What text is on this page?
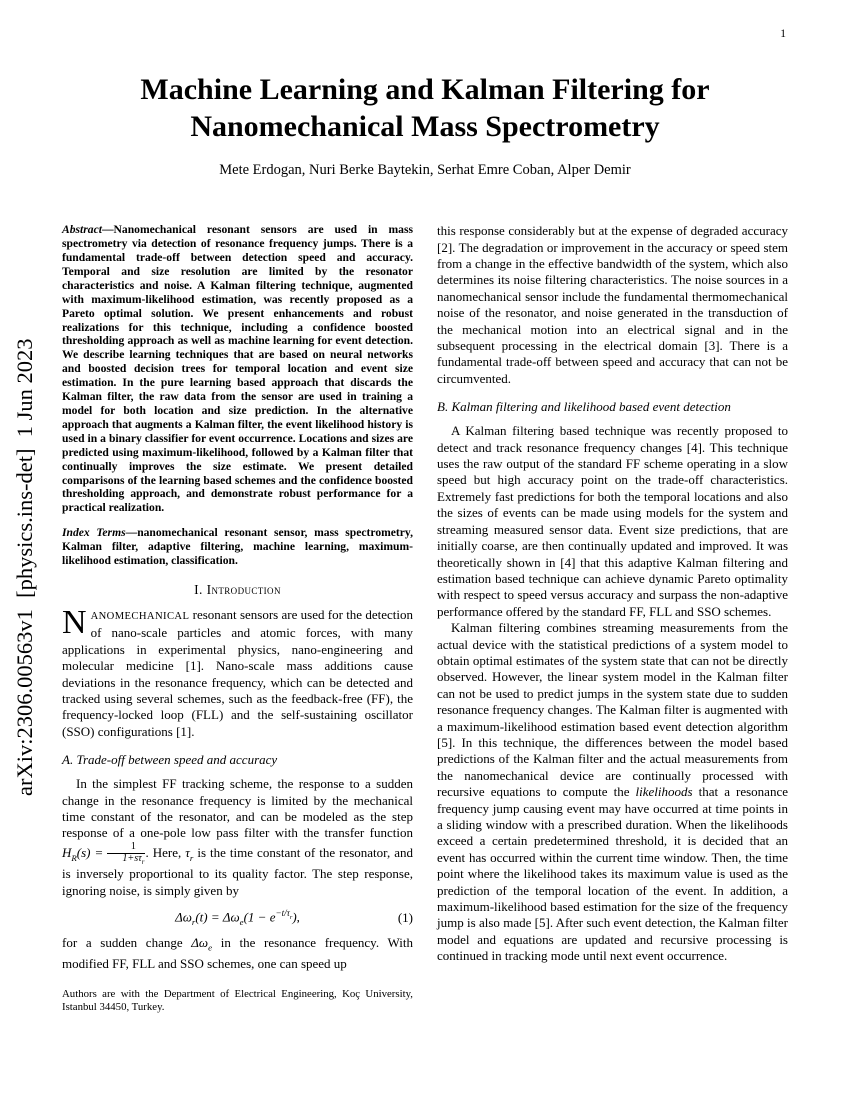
1
arXiv:2306.00563v1  [physics.ins-det]  1 Jun 2023
Machine Learning and Kalman Filtering for
Nanomechanical Mass Spectrometry
Mete Erdogan, Nuri Berke Baytekin, Serhat Emre Coban, Alper Demir

Abstract—Nanomechanical resonant sensors are used in mass spectrometry via detection of resonance frequency jumps. There is a fundamental trade-off between detection speed and accuracy. Temporal and size resolution are limited by the resonator characteristics and noise. A Kalman filtering technique, augmented with maximum-likelihood estimation, was recently proposed as a Pareto optimal solution. We present enhancements and robust realizations for this technique, including a confidence boosted thresholding approach as well as machine learning for event detection. We describe learning techniques that are based on neural networks and boosted decision trees for temporal location and event size estimation. In the pure learning based approach that discards the Kalman filter, the raw data from the sensor are used in training a model for both location and size prediction. In the alternative approach that augments a Kalman filter, the event likelihood history is used in a binary classifier for event occurrence. Locations and sizes are predicted using maximum-likelihood, followed by a Kalman filter that continually improves the size estimate. We present detailed comparisons of the learning based schemes and the confidence boosted thresholding approach, and demonstrate robust performance for a practical realization.

Index Terms—nanomechanical resonant sensor, mass spectrometry, Kalman filter, adaptive filtering, machine learning, maximum-likelihood estimation, classification.

I. Introduction

NANOMECHANICAL resonant sensors are used for the detection of nano-scale particles and atomic forces, with many applications in experimental physics, nano-engineering and molecular medicine [1]. Nano-scale mass additions cause deviations in the resonance frequency, which can be detected and tracked using several schemes, such as the feedback-free (FF), the frequency-locked loop (FLL) and the self-sustaining oscillator (SSO) configurations [1].

A. Trade-off between speed and accuracy

In the simplest FF tracking scheme, the response to a sudden change in the resonance frequency is limited by the mechanical time constant of the resonator, and can be modeled as the step response of a one-pole low pass filter with the transfer function $H_R(s) = \frac{1}{1+s\tau_r}$ . Here, $\tau_r$ is the time constant of the resonator, and is inversely proportional to its quality factor. The step response, ignoring noise, is simply given by

$\Delta\omega_r(t) = \Delta\omega_e(1 - e^{-t/\tau_r})$,	(1)

for a sudden change $\Delta\omega_e$ in the resonance frequency. With modified FF, FLL and SSO schemes, one can speed up

Authors are with the Department of Electrical Engineering, Koç University, Istanbul 34450, Turkey.

this response considerably but at the expense of degraded accuracy [2]. The degradation or improvement in the accuracy or speed stem from a change in the effective bandwidth of the system, which also determines its noise filtering characteristics. The noise sources in a nanomechanical sensor include the fundamental thermomechanical noise of the resonator, and noise generated in the transduction of the mechanical motion into an electrical signal and in the subsequent processing in the electrical domain [3]. There is a fundamental trade-off between speed and accuracy that can not be circumvented.

B. Kalman filtering and likelihood based event detection

A Kalman filtering based technique was recently proposed to detect and track resonance frequency changes [4]. This technique uses the raw output of the standard FF scheme operating in a slow speed but high accuracy point on the trade-off characteristics. Extremely fast predictions for both the temporal locations and also the sizes of events can be made using models for the system and streaming measured sensor data. Event size predictions, that are initially coarse, are then continually updated and improved. It was theoretically shown in [4] that this adaptive Kalman filtering and estimation based technique can achieve dynamic Pareto optimality with respect to speed versus accuracy and surpass the non-adaptive performance offered by the standard FF, FLL and SSO schemes.

Kalman filtering combines streaming measurements from the actual device with the statistical predictions of a system model to obtain optimal estimates of the system state that can not be directly observed. However, the linear system model in the Kalman filter can not be used to predict jumps in the system state due to sudden resonance frequency changes. The Kalman filter is augmented with a maximum-likelihood estimation based event detection algorithm [5]. In this technique, the differences between the model based predictions of the Kalman filter and the actual measurements from the nanomechanical device are continually processed with recursive equations to compute the likelihoods that a resonance frequency jump causing event may have occurred at time points in a sliding window with a prescribed duration. When the likelihoods exceed a certain predetermined threshold, it is decided that an event has occurred within the current time window. Then, the time point where the likelihood takes its maximum value is used as the prediction of the temporal location of the event. In addition, a maximum-likelihood based estimation for the size of the frequency jump is also made [5]. After such event detection, the Kalman filter model and equations are updated and recursive processing is continued in tracking mode until next event occurrence.
